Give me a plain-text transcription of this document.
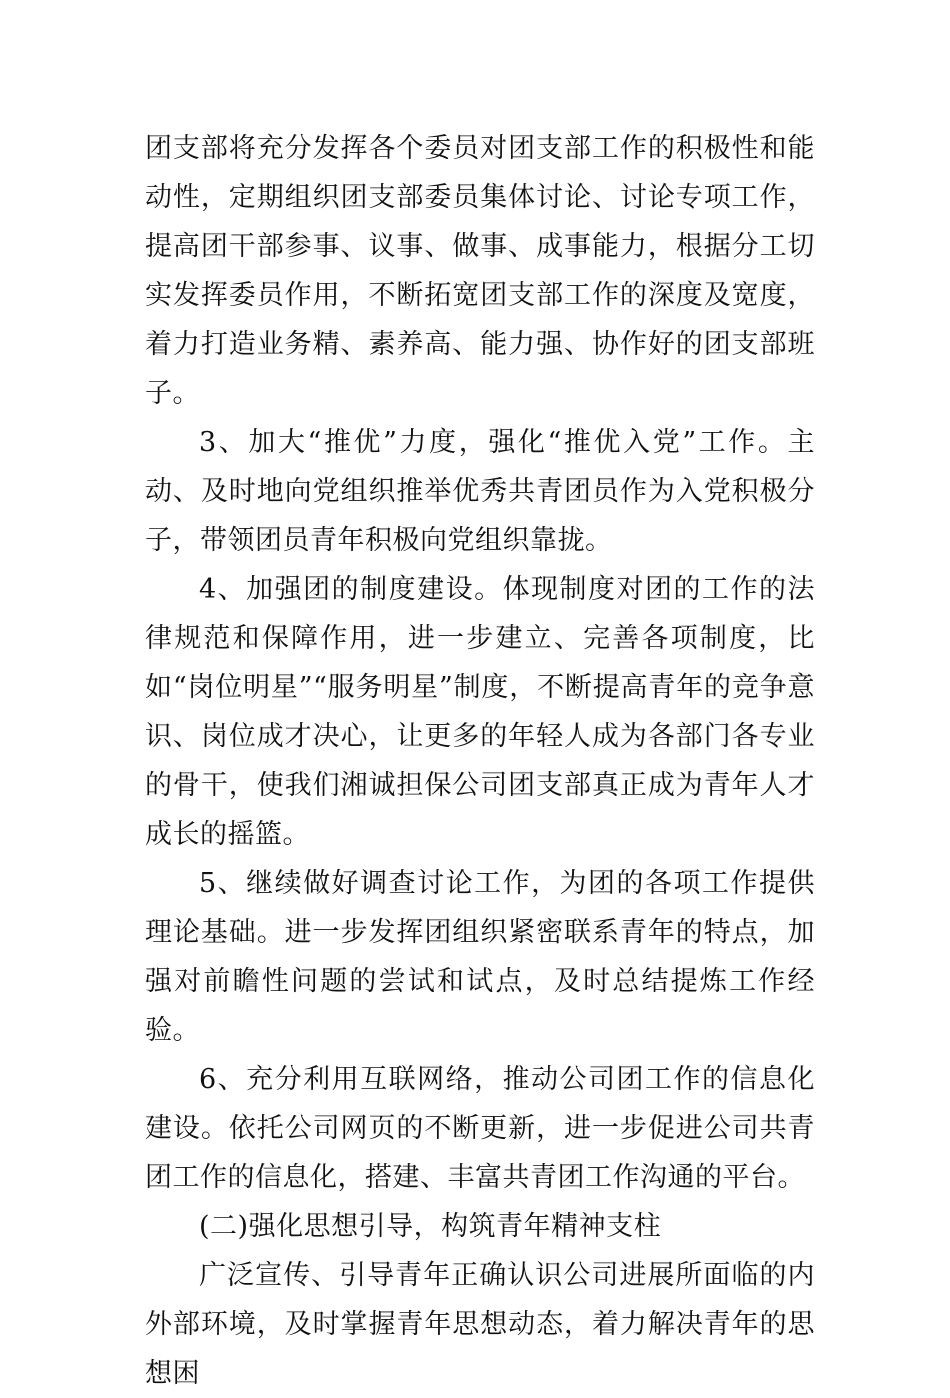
团支部将充分发挥各个委员对团支部工作的积极性和能动性，定期组织团支部委员集体讨论、讨论专项工作，提高团干部参事、议事、做事、成事能力，根据分工切实发挥委员作用，不断拓宽团支部工作的深度及宽度，着力打造业务精、素养高、能力强、协作好的团支部班子。

3、加大“推优”力度，强化“推优入党”工作。主动、及时地向党组织推举优秀共青团员作为入党积极分子，带领团员青年积极向党组织靠拢。

4、加强团的制度建设。体现制度对团的工作的法律规范和保障作用，进一步建立、完善各项制度，比如“岗位明星”“服务明星”制度，不断提高青年的竞争意识、岗位成才决心，让更多的年轻人成为各部门各专业的骨干，使我们湘诚担保公司团支部真正成为青年人才成长的摇篮。

5、继续做好调查讨论工作，为团的各项工作提供理论基础。进一步发挥团组织紧密联系青年的特点，加强对前瞻性问题的尝试和试点，及时总结提炼工作经验。

6、充分利用互联网络，推动公司团工作的信息化建设。依托公司网页的不断更新，进一步促进公司共青团工作的信息化，搭建、丰富共青团工作沟通的平台。

(二)强化思想引导，构筑青年精神支柱

广泛宣传、引导青年正确认识公司进展所面临的内外部环境，及时掌握青年思想动态，着力解决青年的思想困
